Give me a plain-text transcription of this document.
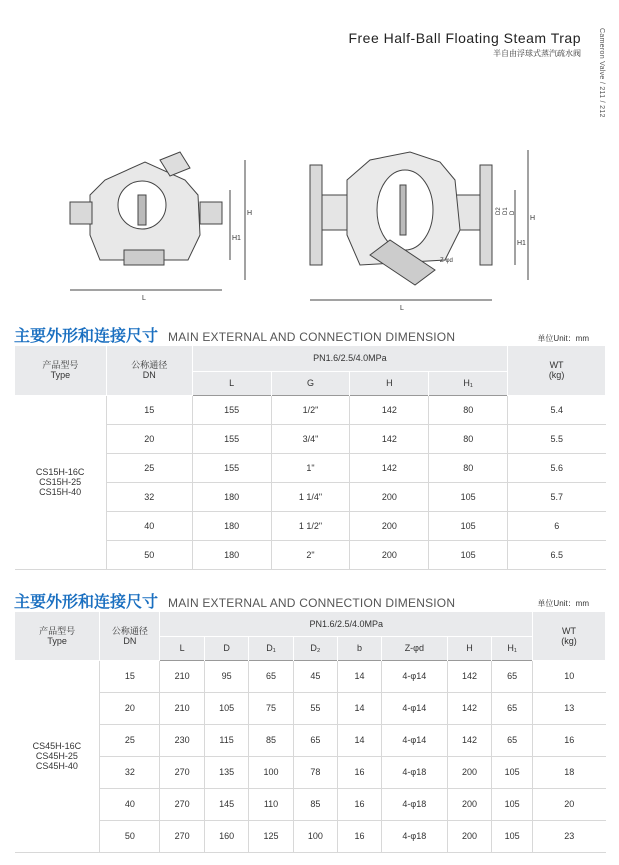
Free Half-Ball Floating Steam Trap
半自由浮球式蒸汽疏水阀	Cameron Valve / 211 / 212
H
H1
L
D2 D1 D
H
H1
Z-φd
L
主要外形和连接尺寸 MAIN EXTERNAL AND CONNECTION DIMENSION	单位Unit：mm
产品型号
Type	公称通径
DN	PN1.6/2.5/4.0MPa				WT
(kg)

		L	G	H	H₁	

CS15H-16C
CS15H-25
CS15H-40	15	155	1/2"	142	80	5.4
	20	155	3/4"	142	80	5.5
	25	155	1"	142	80	5.6
	32	180	1 1/4"	200	105	5.7
	40	180	1 1/2"	200	105	6
	50	180	2"	200	105	6.5
主要外形和连接尺寸 MAIN EXTERNAL AND CONNECTION DIMENSION	单位Unit：mm
产品型号
Type	公称通径
DN	PN1.6/2.5/4.0MPa								WT
(kg)

		L	D	D₁	D₂	b	Z-φd	H	H₁	

CS45H-16C
CS45H-25
CS45H-40	15	210	95	65	45	14	4-φ14	142	65	10
	20	210	105	75	55	14	4-φ14	142	65	13
	25	230	115	85	65	14	4-φ14	142	65	16
	32	270	135	100	78	16	4-φ18	200	105	18
	40	270	145	110	85	16	4-φ18	200	105	20
	50	270	160	125	100	16	4-φ18	200	105	23
